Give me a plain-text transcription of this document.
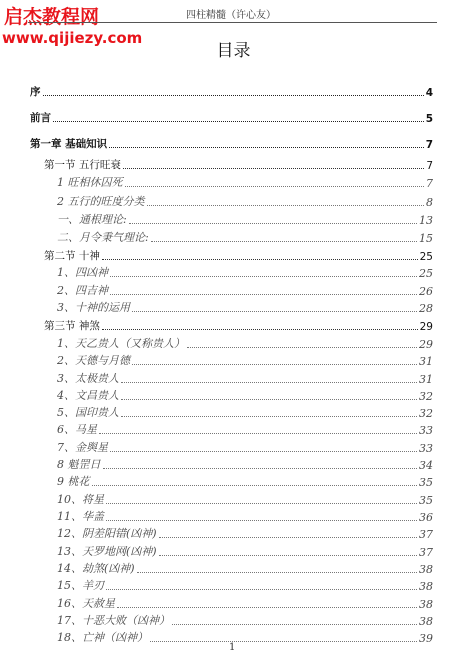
启杰教程网
www.qijiezy.com
四柱精髓（许心友）
目录
序	4
前言	5
第一章 基础知识	7
第一节 五行旺衰	7
1 旺相休囚死	7
2 五行的旺度分类	8
一、通根理论:	13
二、月令秉气理论:	15
第二节 十神	25
1、四凶神	25
2、四吉神	26
3、十神的运用	28
第三节 神煞	29
1、天乙贵人（又称贵人）	29
2、天德与月德	31
3、太极贵人	31
4、文昌贵人	32
5、国印贵人	32
6、马星	33
7、金舆星	33
8 魁罡日	34
9 桃花	35
10、将星	35
11、华盖	36
12、阴差阳错(凶神)	37
13、天罗地网(凶神)	37
14、劫煞(凶神)	38
15、羊刃	38
16、天赦星	38
17、十恶大败（凶神）	38
18、亡神（凶神）	39
1
